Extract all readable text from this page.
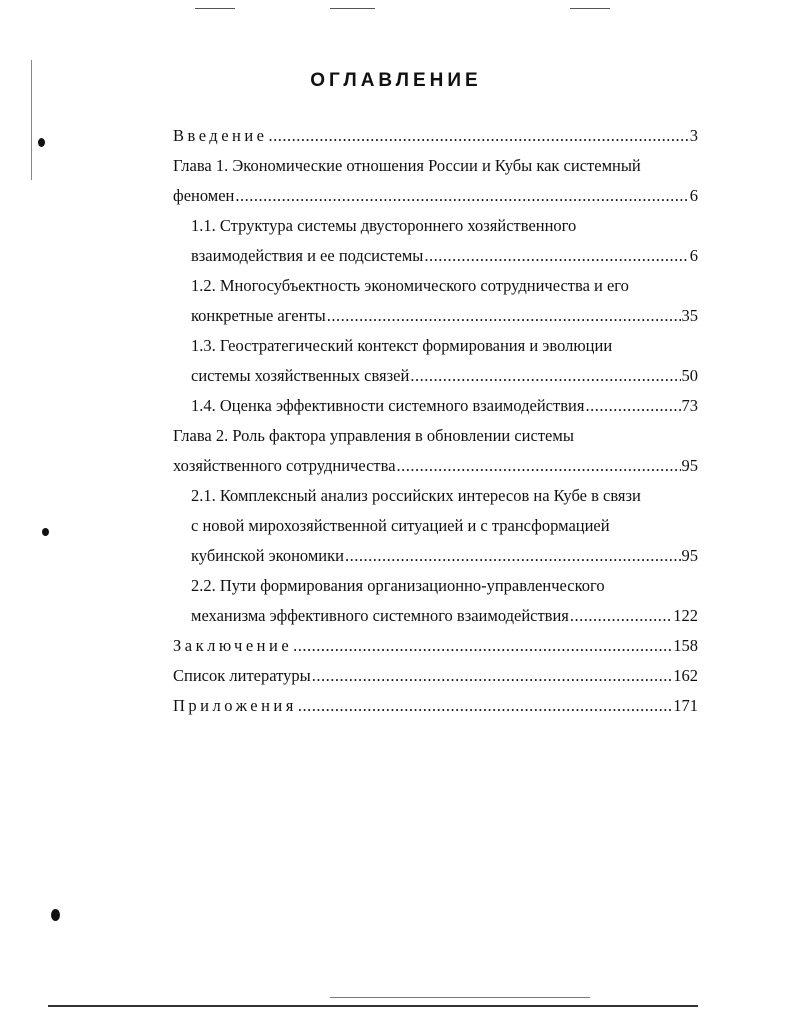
ОГЛАВЛЕНИЕ
Введение .....	3
Глава 1. Экономические отношения России и Кубы как системный
феномен .....	6
1.1. Структура системы двустороннего хозяйственного
взаимодействия и ее подсистемы .....	6
1.2. Многосубъектность экономического сотрудничества и его
конкретные агенты .....	35
1.3. Геостратегический контекст формирования и эволюции
системы хозяйственных связей .....	50
1.4. Оценка эффективности системного взаимодействия .....	73
Глава 2. Роль фактора управления в обновлении системы
хозяйственного сотрудничества .....	95
2.1. Комплексный анализ российских интересов на Кубе в связи
с новой мирохозяйственной ситуацией и с трансформацией
кубинской экономики .....	95
2.2. Пути формирования организационно-управленческого
механизма эффективного системного взаимодействия .....	122
Заключение .....	158
Список литературы .....	162
Приложения .....	171
